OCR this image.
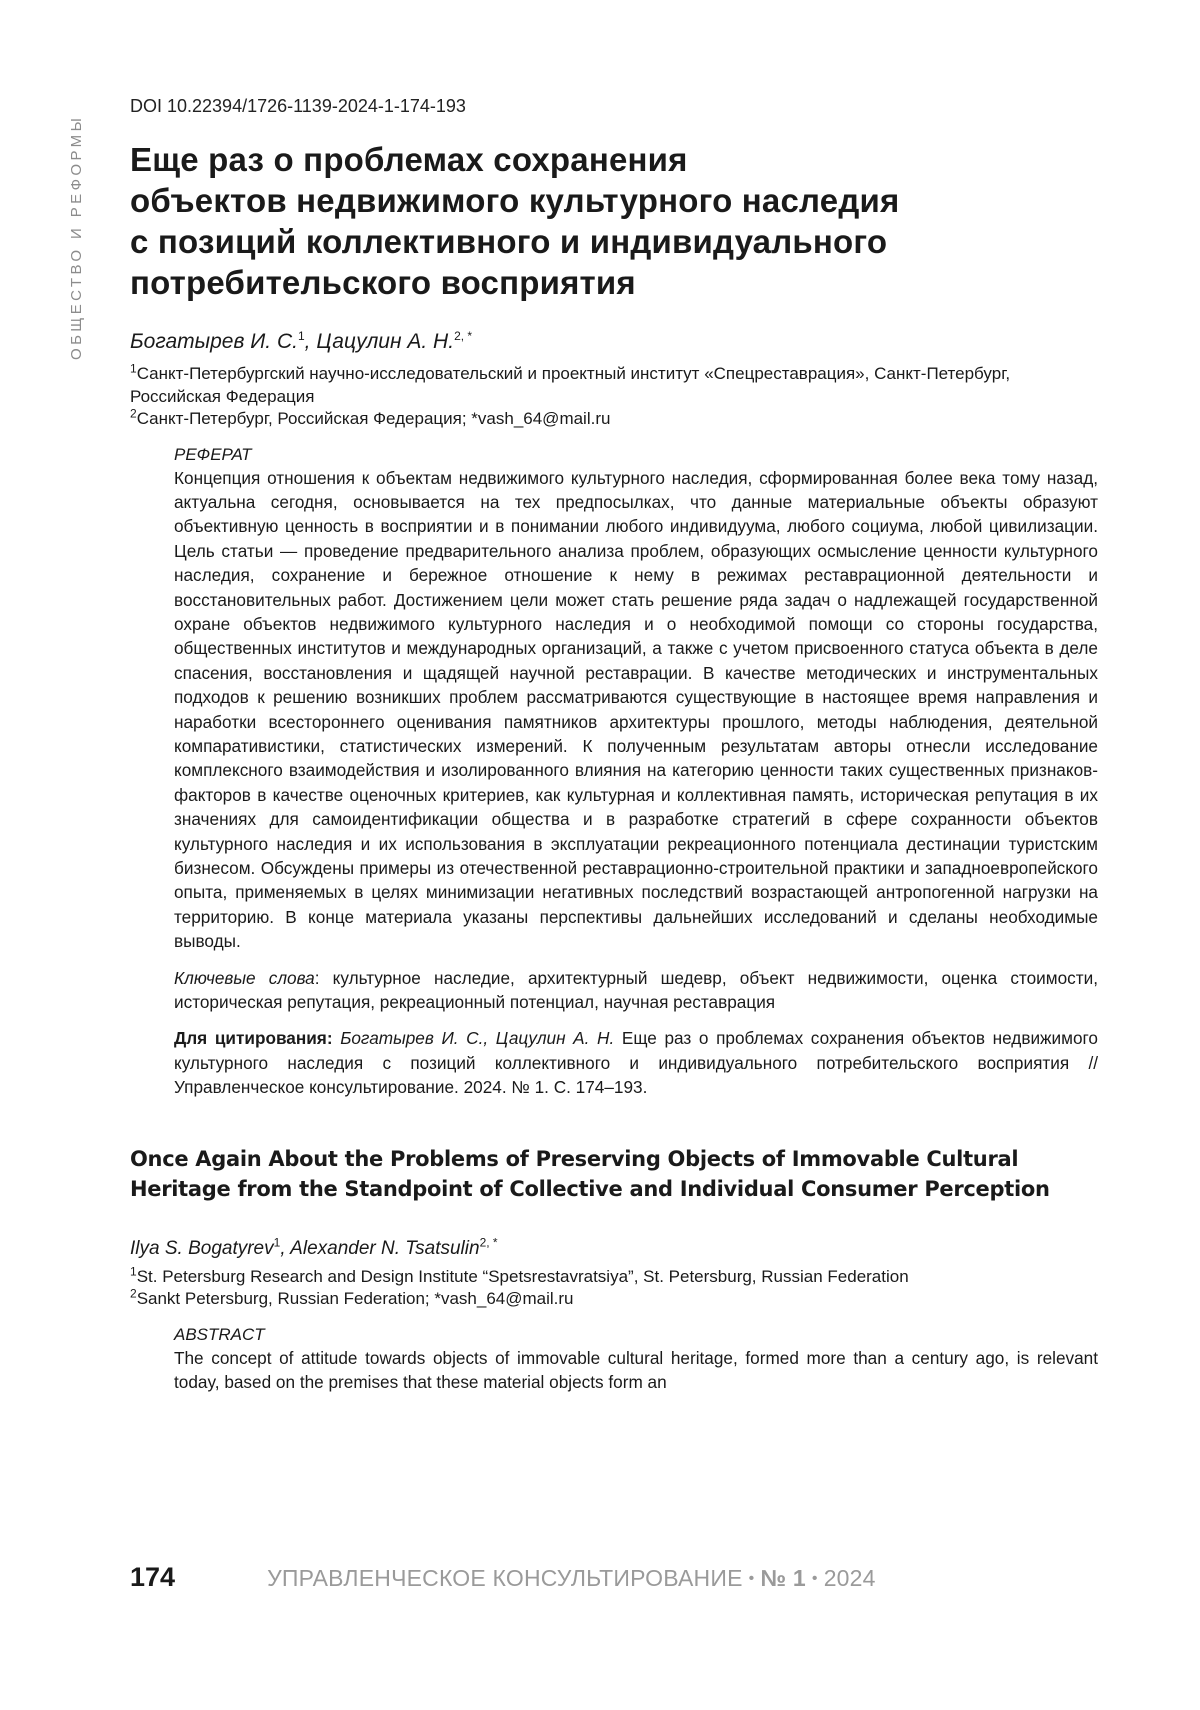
ОБЩЕСТВО И РЕФОРМЫ
DOI 10.22394/1726-1139-2024-1-174-193
Еще раз о проблемах сохранения
объектов недвижимого культурного наследия
с позиций коллективного и индивидуального
потребительского восприятия
Богатырев И. С.1, Цацулин А. Н.2, *
1Санкт-Петербургский научно-исследовательский и проектный институт «Спецреставрация», Санкт-Петербург, Российская Федерация
2Санкт-Петербург, Российская Федерация; *vash_64@mail.ru
РЕФЕРАТ

Концепция отношения к объектам недвижимого культурного наследия, сформированная более века тому назад, актуальна сегодня, основывается на тех предпосылках, что данные материальные объекты образуют объективную ценность в восприятии и в понимании любого индивидуума, любого социума, любой цивилизации. Цель статьи — проведение предварительного анализа проблем, образующих осмысление ценности культурного наследия, сохранение и бережное отношение к нему в режимах реставрационной деятельности и восстановительных работ. Достижением цели может стать решение ряда задач о надлежащей государственной охране объектов недвижимого культурного наследия и о необходимой помощи со стороны государства, общественных институтов и международных организаций, а также с учетом присвоенного статуса объекта в деле спасения, восстановления и щадящей научной реставрации. В качестве методических и инструментальных подходов к решению возникших проблем рассматриваются существующие в настоящее время направления и наработки всестороннего оценивания памятников архитектуры прошлого, методы наблюдения, деятельной компаративистики, статистических измерений. К полученным результатам авторы отнесли исследование комплексного взаимодействия и изолированного влияния на категорию ценности таких существенных признаков-факторов в качестве оценочных критериев, как культурная и коллективная память, историческая репутация в их значениях для самоидентификации общества и в разработке стратегий в сфере сохранности объектов культурного наследия и их использования в эксплуатации рекреационного потенциала дестинации туристским бизнесом. Обсуждены примеры из отечественной реставрационно-строительной практики и западноевропейского опыта, применяемых в целях минимизации негативных последствий возрастающей антропогенной нагрузки на территорию. В конце материала указаны перспективы дальнейших исследований и сделаны необходимые выводы.

Ключевые слова: культурное наследие, архитектурный шедевр, объект недвижимости, оценка стоимости, историческая репутация, рекреационный потенциал, научная реставрация
Для цитирования: Богатырев И. С., Цацулин А. Н. Еще раз о проблемах сохранения объектов недвижимого культурного наследия с позиций коллективного и индивидуального потребительского восприятия // Управленческое консультирование. 2024. № 1. С. 174–193.
Once Again About the Problems of Preserving Objects of Immovable Cultural
Heritage from the Standpoint of Collective and Individual Consumer Perception
Ilya S. Bogatyrev1, Alexander N. Tsatsulin2, *
1St. Petersburg Research and Design Institute “Spetsrestavratsiya”, St. Petersburg, Russian Federation
2Sankt Petersburg, Russian Federation; *vash_64@mail.ru
ABSTRACT

The concept of attitude towards objects of immovable cultural heritage, formed more than a century ago, is relevant today, based on the premises that these material objects form an

174	УПРАВЛЕНЧЕСКОЕ КОНСУЛЬТИРОВАНИЕ • № 1 • 2024
